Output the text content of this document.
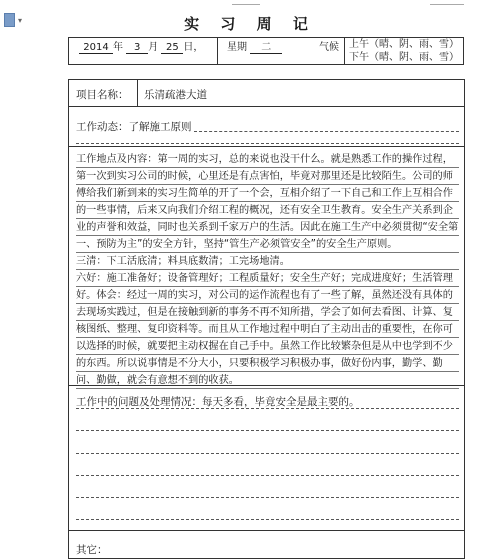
▾	实 习 周 记
2014 年 3 月 25 日， 星期 二	气候 上午（晴、阴、雨、雪）
下午（晴、阴、雨、雪）
项目名称： 乐清疏港大道
工作动态：了解施工原则

工作地点及内容：第一周的实习，总的来说也没干什么。就是熟悉工作的操作过程，第一次到实习公司的时候，心里还是有点害怕，毕竟对那里还是比较陌生。公司的师傅给我们新到来的实习生简单的开了一个会，互相介绍了一下自己和工作上互相合作的一些事情，后来又向我们介绍工程的概况，还有安全卫生教育。安全生产关系到企业的声誉和效益，同时也关系到千家万户的生活。因此在施工生产中必须贯彻“安全第一、预防为主”的安全方针，坚持“管生产必须管安全”的安全生产原则。

三清：下工活底清；料具底数清；工完场地清。

六好：施工准备好；设备管理好；工程质量好；安全生产好；完成进度好；生活管理好。体会：经过一周的实习，对公司的运作流程也有了一些了解，虽然还没有具体的去现场实践过，但是在接触到新的事务不再不知所措，学会了如何去看图、计算、复核图纸、整理、复印资料等。而且从工作地过程中明白了主动出击的重要性，在你可以选择的时候，就要把主动权握在自己手中。虽然工作比较繁杂但是从中也学到不少的东西。所以说事情是不分大小，只要积极学习积极办事，做好份内事，勤学、勤问、勤做，就会有意想不到的收获。

工作中的问题及处理情况：每天多看，毕竟安全是最主要的。
其它：
